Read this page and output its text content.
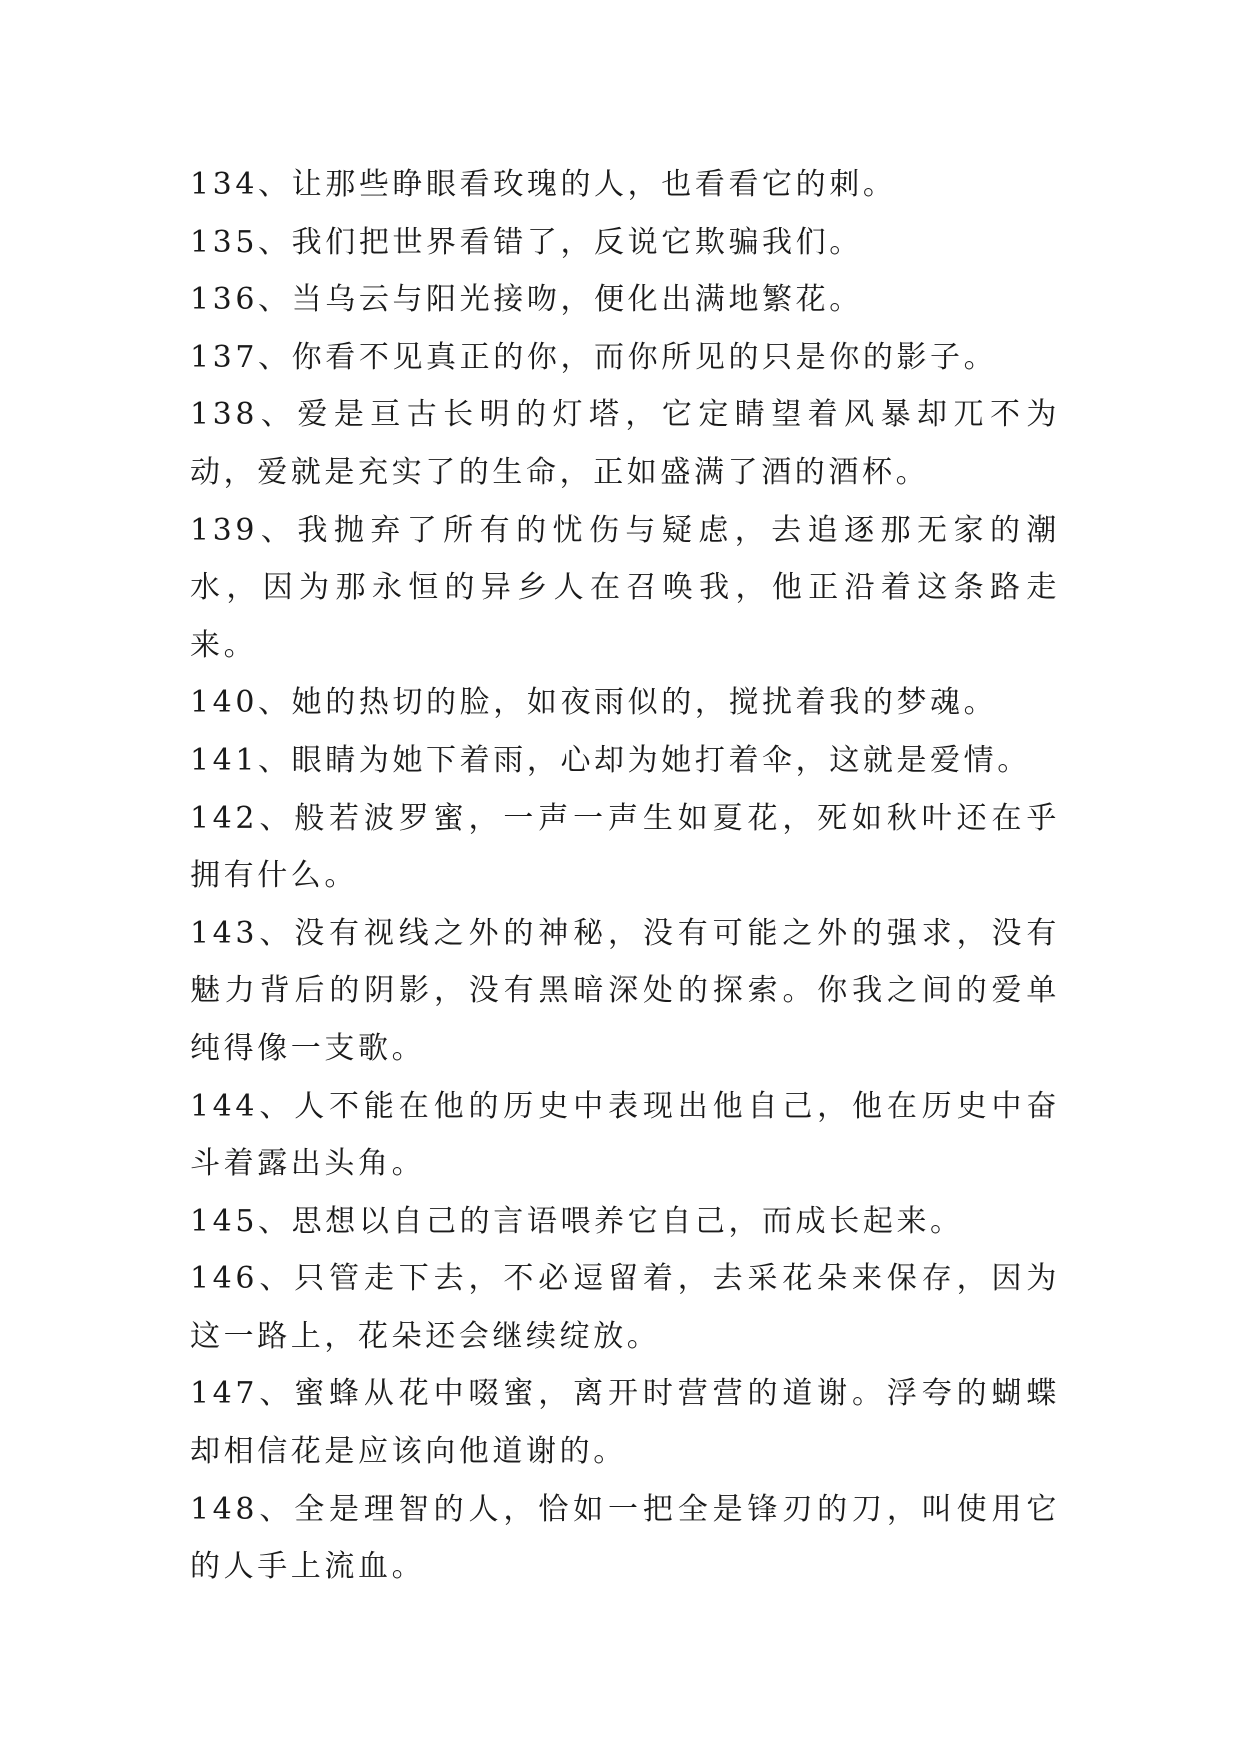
134、让那些睁眼看玫瑰的人，也看看它的刺。

135、我们把世界看错了，反说它欺骗我们。

136、当乌云与阳光接吻，便化出满地繁花。

137、你看不见真正的你，而你所见的只是你的影子。

138、爱是亘古长明的灯塔，它定睛望着风暴却兀不为动，爱就是充实了的生命，正如盛满了酒的酒杯。

139、我抛弃了所有的忧伤与疑虑，去追逐那无家的潮水，因为那永恒的异乡人在召唤我，他正沿着这条路走来。

140、她的热切的脸，如夜雨似的，搅扰着我的梦魂。

141、眼睛为她下着雨，心却为她打着伞，这就是爱情。

142、般若波罗蜜，一声一声生如夏花，死如秋叶还在乎拥有什么。

143、没有视线之外的神秘，没有可能之外的强求，没有魅力背后的阴影，没有黑暗深处的探索。你我之间的爱单纯得像一支歌。

144、人不能在他的历史中表现出他自己，他在历史中奋斗着露出头角。

145、思想以自己的言语喂养它自己，而成长起来。

146、只管走下去，不必逗留着，去采花朵来保存，因为这一路上，花朵还会继续绽放。

147、蜜蜂从花中啜蜜，离开时营营的道谢。浮夸的蝴蝶却相信花是应该向他道谢的。

148、全是理智的人，恰如一把全是锋刃的刀，叫使用它的人手上流血。
